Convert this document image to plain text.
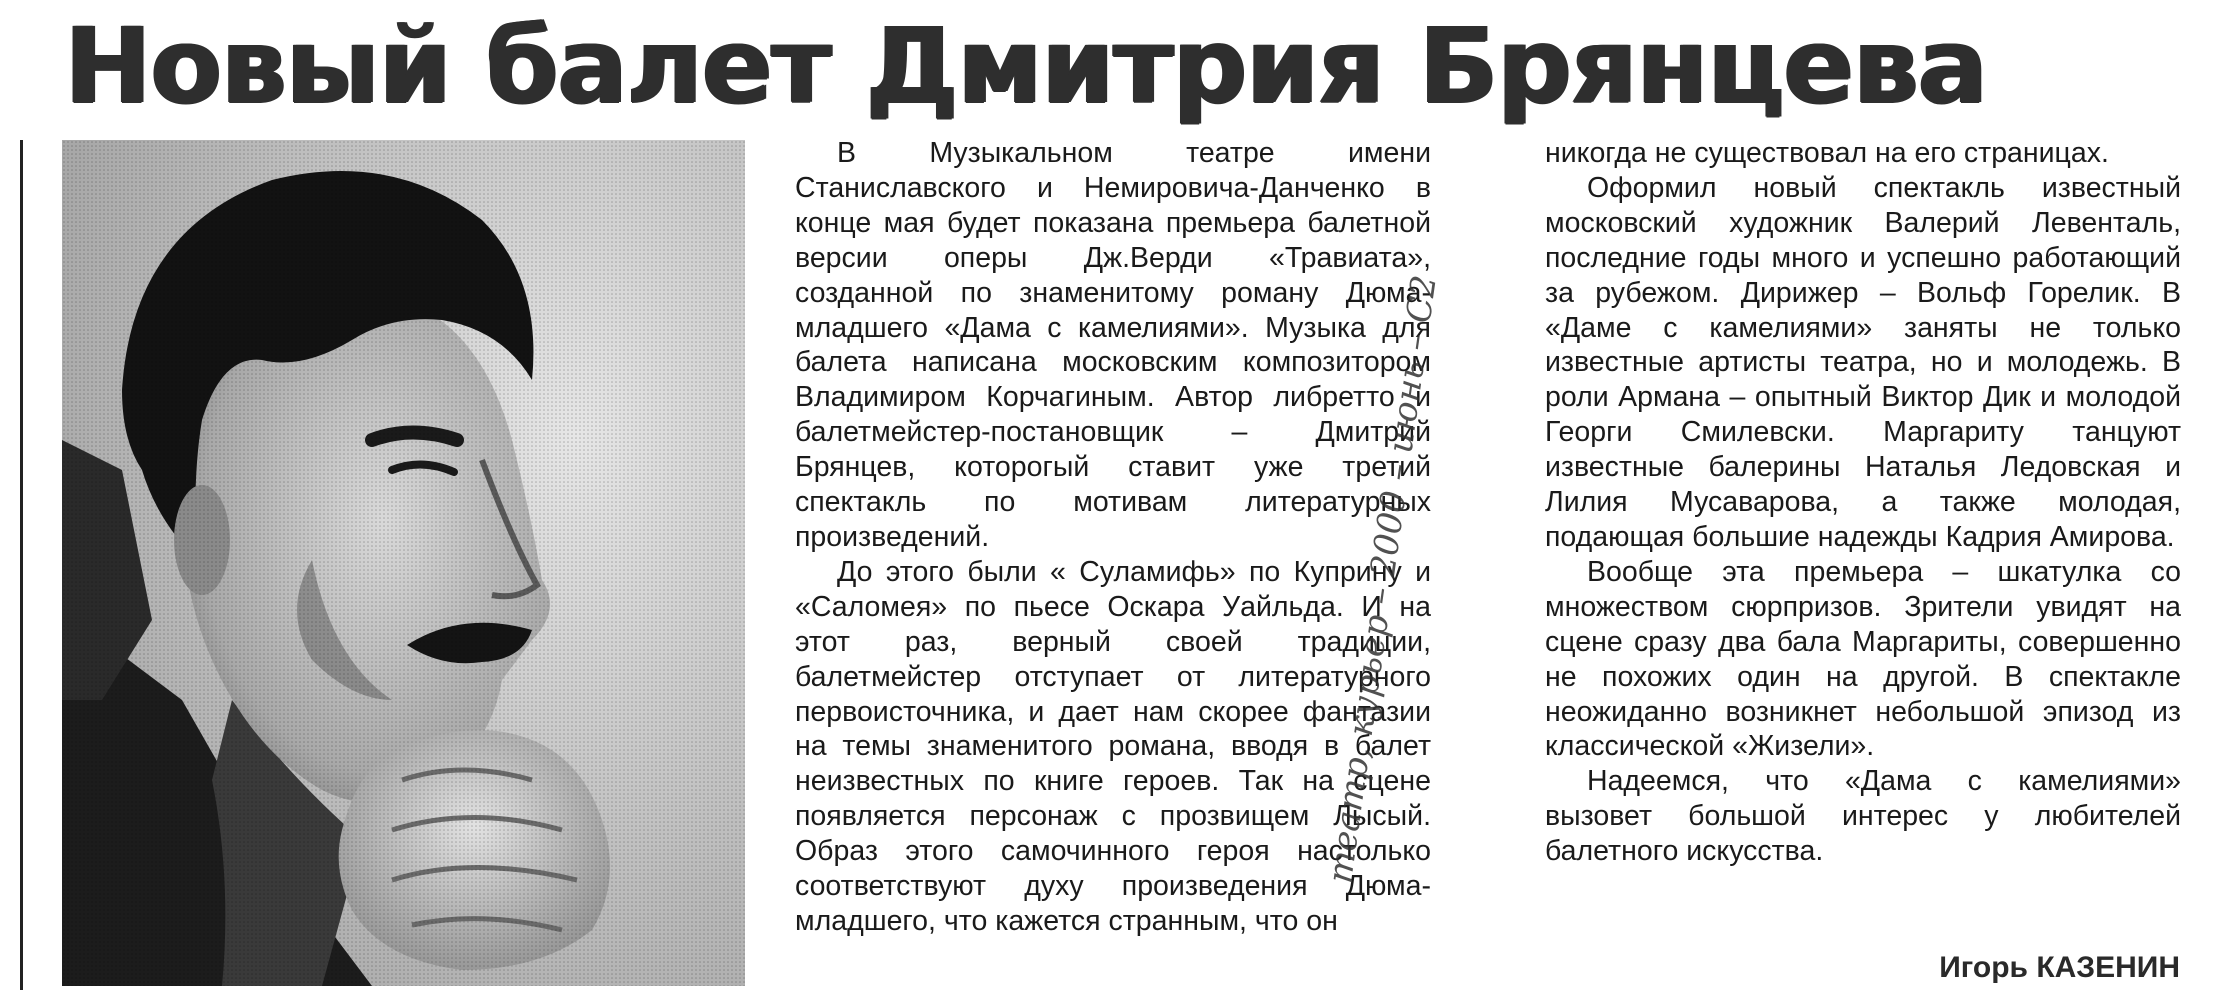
Новый балет Дмитрия Брянцева

В Музыкальном театре имени Станиславского и Немировича-Данченко в конце мая будет показана премьера балетной версии оперы Дж.Верди «Травиата», созданной по знаменитому роману Дюма-младшего «Дама с камелиями». Музыка для балета написана московским композитором Владимиром Корчагиным. Автор либретто и балетмейстер-постановщик – Дмитрий Брянцев, которогый ставит уже третий спектакль по мотивам литературных произведений.

До этого были « Суламифь» по Куприну и «Саломея» по пьесе Оскара Уайльда. И на этот раз, верный своей традиции, балетмейстер отступает от литературного первоисточника, и дает нам скорее фантазии на темы знаменитого романа, вводя в балет неизвестных по книге героев. Так на сцене появляется персонаж с прозвищем Лысый. Образ этого самочинного героя настолько соответствуют духу произведения Дюма-младшего, что кажется странным, что он

никогда не существовал на его страницах.

Оформил новый спектакль известный московский художник Валерий Левенталь, последние годы много и успешно работающий за рубежом. Дирижер – Вольф Горелик. В «Даме с камелиями» заняты не только известные артисты театра, но и молодежь. В роли Армана – опытный Виктор Дик и молодой Георги Смилевски. Маргариту танцуют известные балерины Наталья Ледовская и Лилия Мусаварова, а также молодая, подающая большие надежды Кадрия Амирова.

Вообще эта премьера – шкатулка со множеством сюрпризов. Зрители увидят на сцене сразу два бала Маргариты, совершенно не похожих один на другой. В спектакле неожиданно возникнет небольшой эпизод из классической «Жизели».

Надеемся, что «Дама с камелиями» вызовет большой интерес у любителей балетного искусства.

Игорь КАЗЕНИН
театр, курьер – 2000 – июнь – С2
